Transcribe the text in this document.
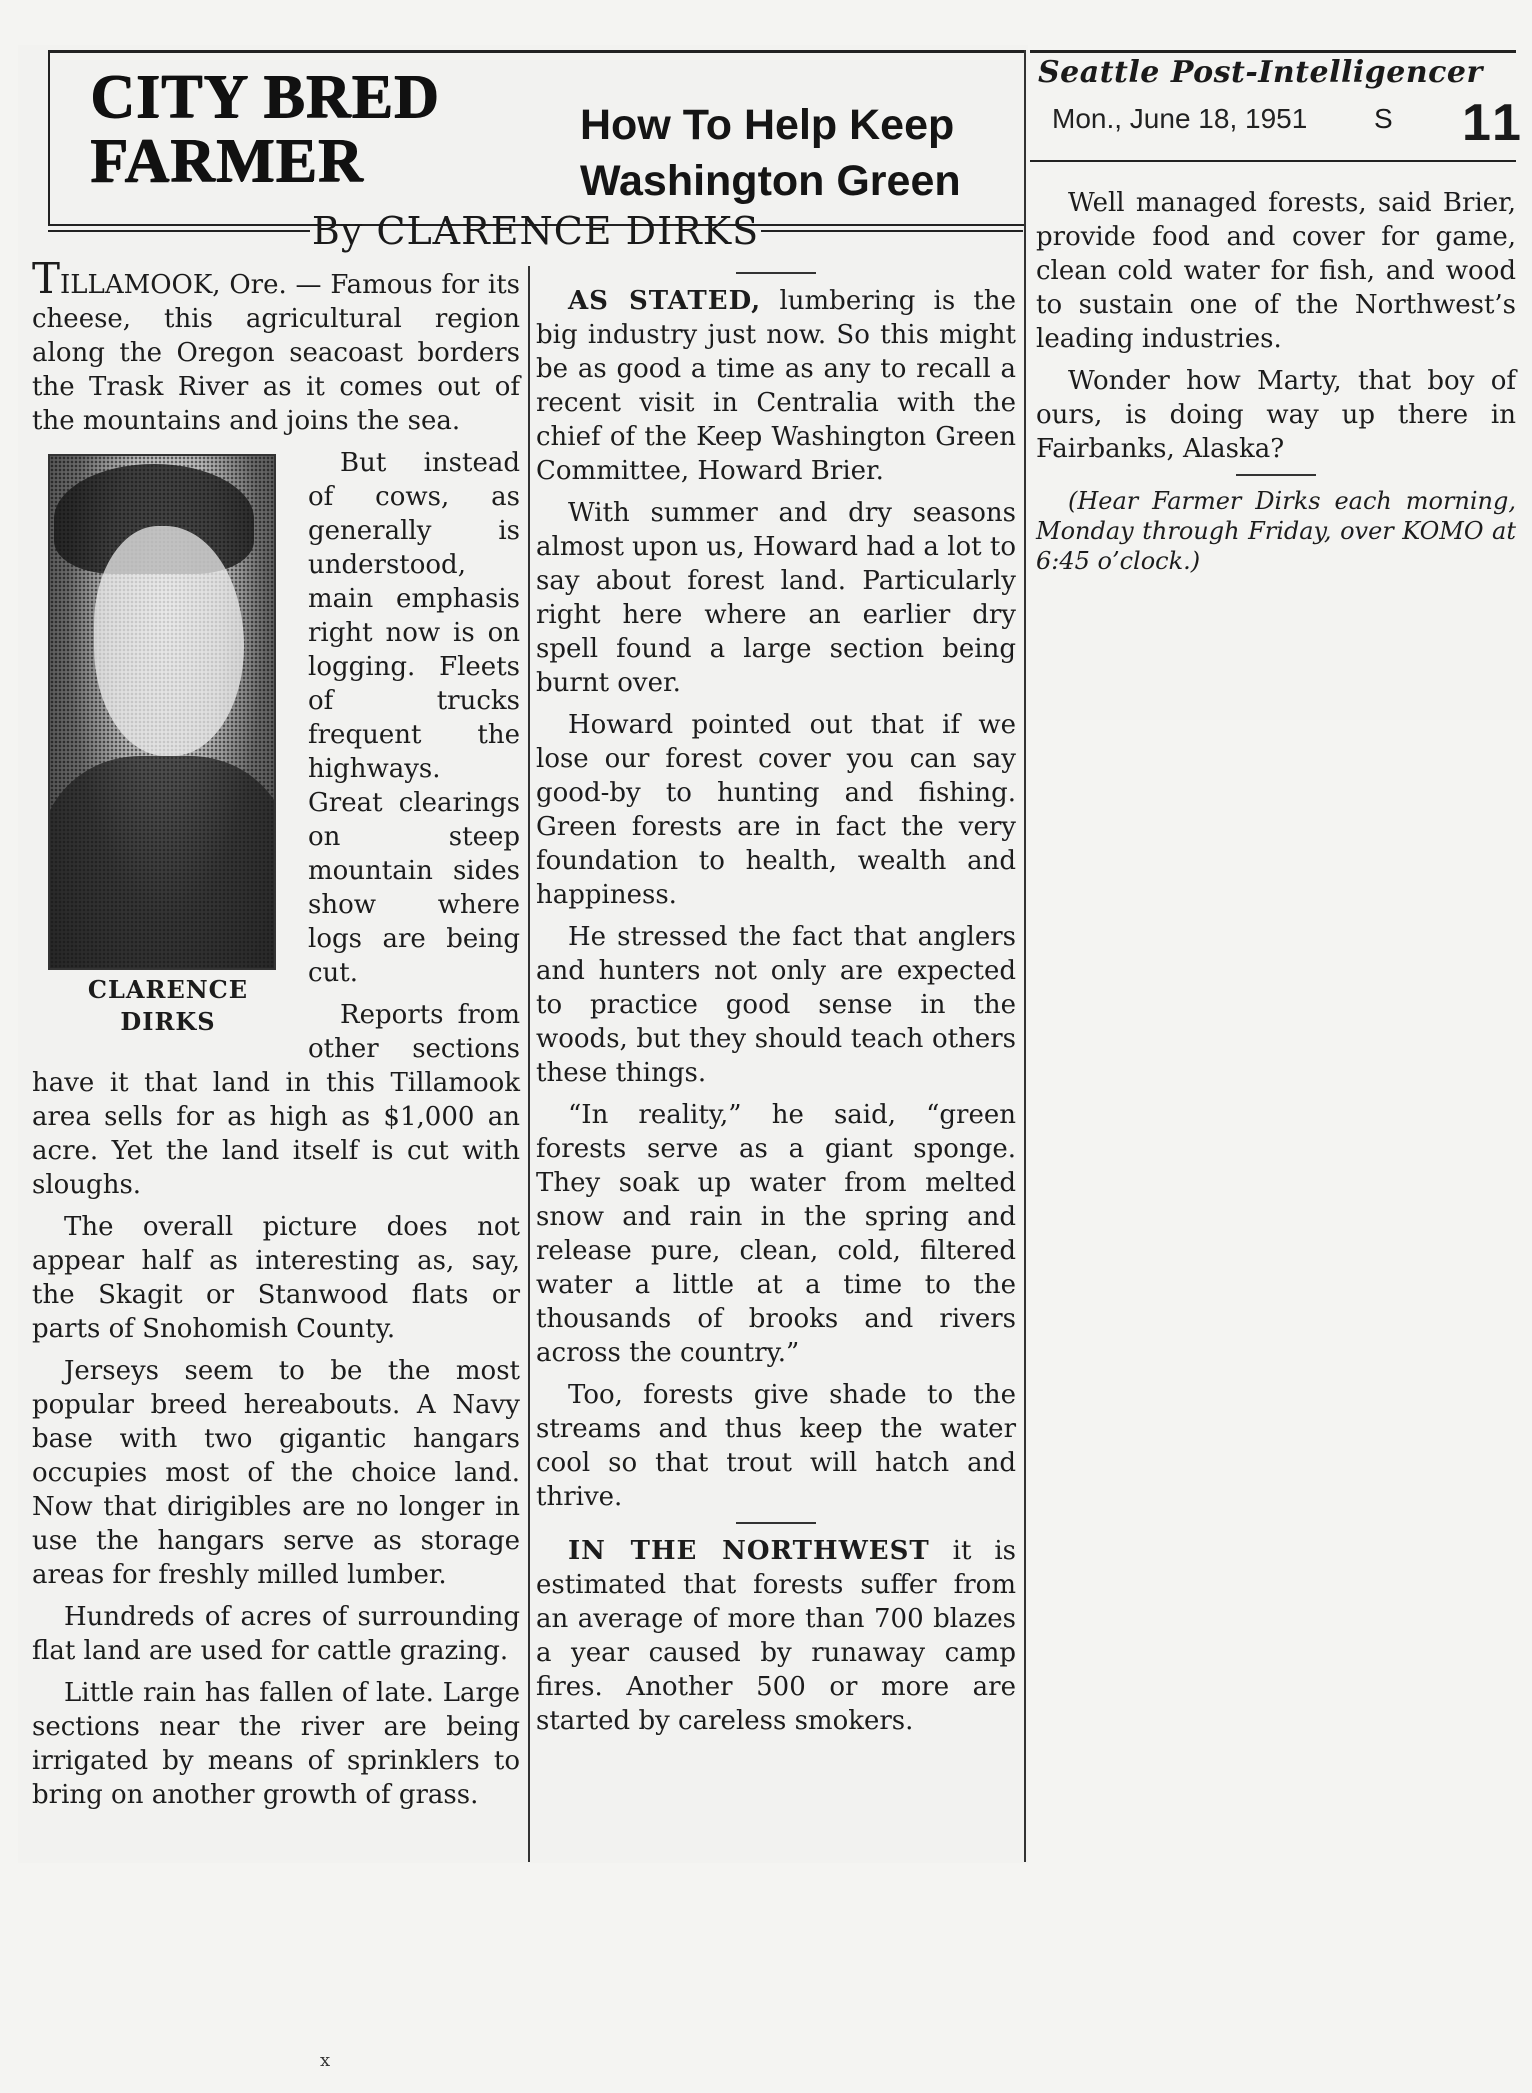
CITY BRED
FARMER
How To Help Keep
Washington Green
By CLARENCE DIRKS
Seattle Post-Intelligencer
Mon., June 18, 1951 S 11

TILLAMOOK, Ore. — Famous for its cheese, this agricultural region along the Oregon seacoast borders the Trask River as it comes out of the mountains and joins the sea.

CLARENCE
DIRKS

But instead of cows, as generally is understood, main emphasis right now is on logging. Fleets of trucks frequent the highways. Great clearings on steep mountain sides show where logs are being cut.

Reports from other sections have it that land in this Tillamook area sells for as high as $1,000 an acre. Yet the land itself is cut with sloughs.

The overall picture does not appear half as interesting as, say, the Skagit or Stanwood flats or parts of Snohomish County.

Jerseys seem to be the most popular breed hereabouts. A Navy base with two gigantic hangars occupies most of the choice land. Now that dirigibles are no longer in use the hangars serve as storage areas for freshly milled lumber.

Hundreds of acres of surrounding flat land are used for cattle grazing.

Little rain has fallen of late. Large sections near the river are being irrigated by means of sprinklers to bring on another growth of grass.

AS STATED, lumbering is the big industry just now. So this might be as good a time as any to recall a recent visit in Centralia with the chief of the Keep Washington Green Committee, Howard Brier.

With summer and dry seasons almost upon us, Howard had a lot to say about forest land. Particularly right here where an earlier dry spell found a large section being burnt over.

Howard pointed out that if we lose our forest cover you can say good-by to hunting and fishing. Green forests are in fact the very foundation to health, wealth and happiness.

He stressed the fact that anglers and hunters not only are expected to practice good sense in the woods, but they should teach others these things.

“In reality,” he said, “green forests serve as a giant sponge. They soak up water from melted snow and rain in the spring and release pure, clean, cold, filtered water a little at a time to the thousands of brooks and rivers across the country.”

Too, forests give shade to the streams and thus keep the water cool so that trout will hatch and thrive.

IN THE NORTHWEST it is estimated that forests suffer from an average of more than 700 blazes a year caused by runaway camp fires. Another 500 or more are started by careless smokers.

Well managed forests, said Brier, provide food and cover for game, clean cold water for fish, and wood to sustain one of the Northwest’s leading industries.

Wonder how Marty, that boy of ours, is doing way up there in Fairbanks, Alaska?

(Hear Farmer Dirks each morning, Monday through Friday, over KOMO at 6:45 o’clock.)

x
